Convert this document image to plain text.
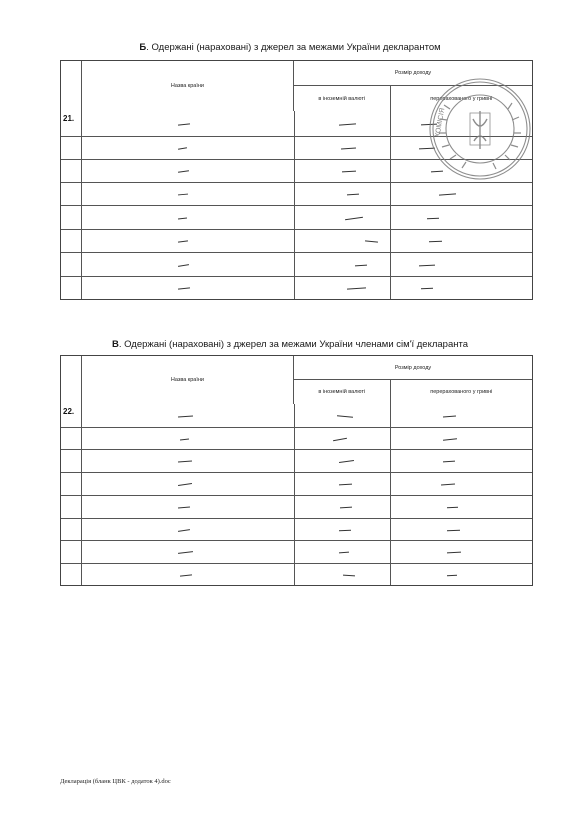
Б. Одержані (нараховані) з джерел за межами України декларантом
Назва країни
Розмір доходу
в іноземній валюті	перерахованого у гривні
21.	КОМІСІЯ
В. Одержані (нараховані) з джерел за межами України членами сім'ї декларанта
Назва країни
Розмір доходу
в іноземній валюті	перерахованого у гривні
22.
Декларація (бланк ЦВК - додаток 4).doc
